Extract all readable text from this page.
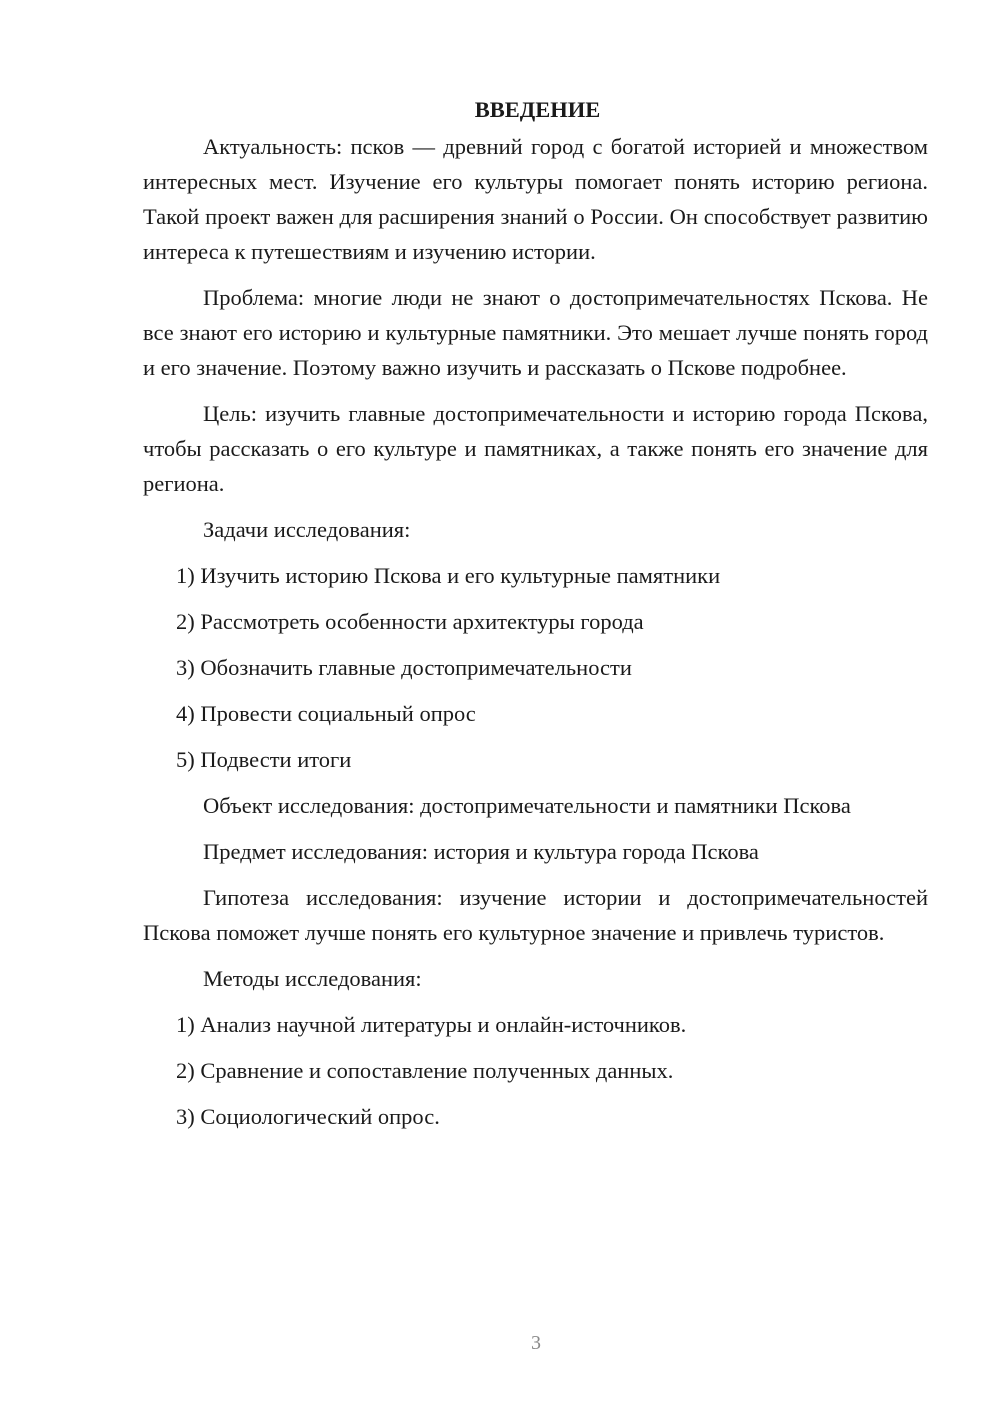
ВВЕДЕНИЕ

Актуальность: псков — древний город с богатой историей и множеством интересных мест. Изучение его культуры помогает понять историю региона. Такой проект важен для расширения знаний о России. Он способствует развитию интереса к путешествиям и изучению истории.

Проблема: многие люди не знают о достопримечательностях Пскова. Не все знают его историю и культурные памятники. Это мешает лучше понять город и его значение. Поэтому важно изучить и рассказать о Пскове подробнее.

Цель: изучить главные достопримечательности и историю города Пскова, чтобы рассказать о его культуре и памятниках, а также понять его значение для региона.

Задачи исследования:
1) Изучить историю Пскова и его культурные памятники
2) Рассмотреть особенности архитектуры города
3) Обозначить главные достопримечательности
4) Провести социальный опрос
5) Подвести итоги
Объект исследования: достопримечательности и памятники Пскова
Предмет исследования: история и культура города Пскова

Гипотеза исследования: изучение истории и достопримечательностей Пскова поможет лучше понять его культурное значение и привлечь туристов.

Методы исследования:
1) Анализ научной литературы и онлайн-источников.
2) Сравнение и сопоставление полученных данных.
3) Социологический опрос.
3
